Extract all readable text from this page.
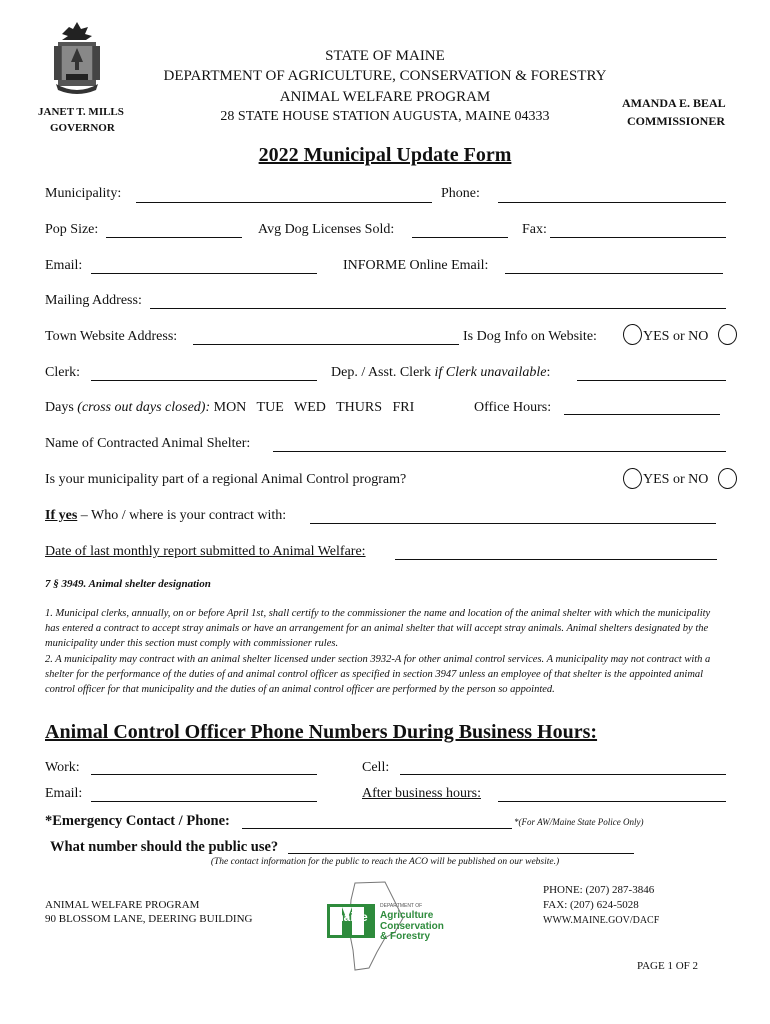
STATE OF MAINE
DEPARTMENT OF AGRICULTURE, CONSERVATION & FORESTRY
ANIMAL WELFARE PROGRAM
28 STATE HOUSE STATION AUGUSTA, MAINE 04333
JANET T. MILLS
GOVERNOR
AMANDA E. BEAL
COMMISSIONER
2022 Municipal Update Form
Municipality:	Phone:
Pop Size:	Avg Dog Licenses Sold:	Fax:
Email:	INFORME Online Email:
Mailing Address:
Town Website Address:	Is Dog Info on Website:	YES or NO
Clerk:	Dep. / Asst. Clerk if Clerk unavailable:
Days (cross out days closed): MON   TUE   WED   THURS   FRI	Office Hours:
Name of Contracted Animal Shelter:
Is your municipality part of a regional Animal Control program?	YES or NO
If yes – Who / where is your contract with:
Date of last monthly report submitted to Animal Welfare:
7 § 3949. Animal shelter designation
1. Municipal clerks, annually, on or before April 1st, shall certify to the commissioner the name and location of the animal shelter with which the municipality has entered a contract to accept stray animals or have an arrangement for an animal shelter that will accept stray animals. Animal shelters designated by the municipality under this section must comply with commissioner rules.
2. A municipality may contract with an animal shelter licensed under section 3932-A for other animal control services. A municipality may not contract with a shelter for the performance of the duties of and animal control officer as specified in section 3947 unless an employee of that shelter is the appointed animal control officer for that municipality and the duties of an animal control officer are performed by the person so appointed.
Animal Control Officer Phone Numbers During Business Hours:
Work:	Cell:
Email:	After business hours:
*Emergency Contact / Phone:	*(For AW/Maine State Police Only)
What number should the public use?
(The contact information for the public to reach the ACO will be published on our website.)
ANIMAL WELFARE PROGRAM
90 BLOSSOM LANE, DEERING BUILDING	maine
DEPARTMENT OF
Agriculture
Conservation
& Forestry
PHONE: (207) 287-3846
FAX: (207) 624-5028
WWW.MAINE.GOV/DACF
PAGE 1 OF 2
